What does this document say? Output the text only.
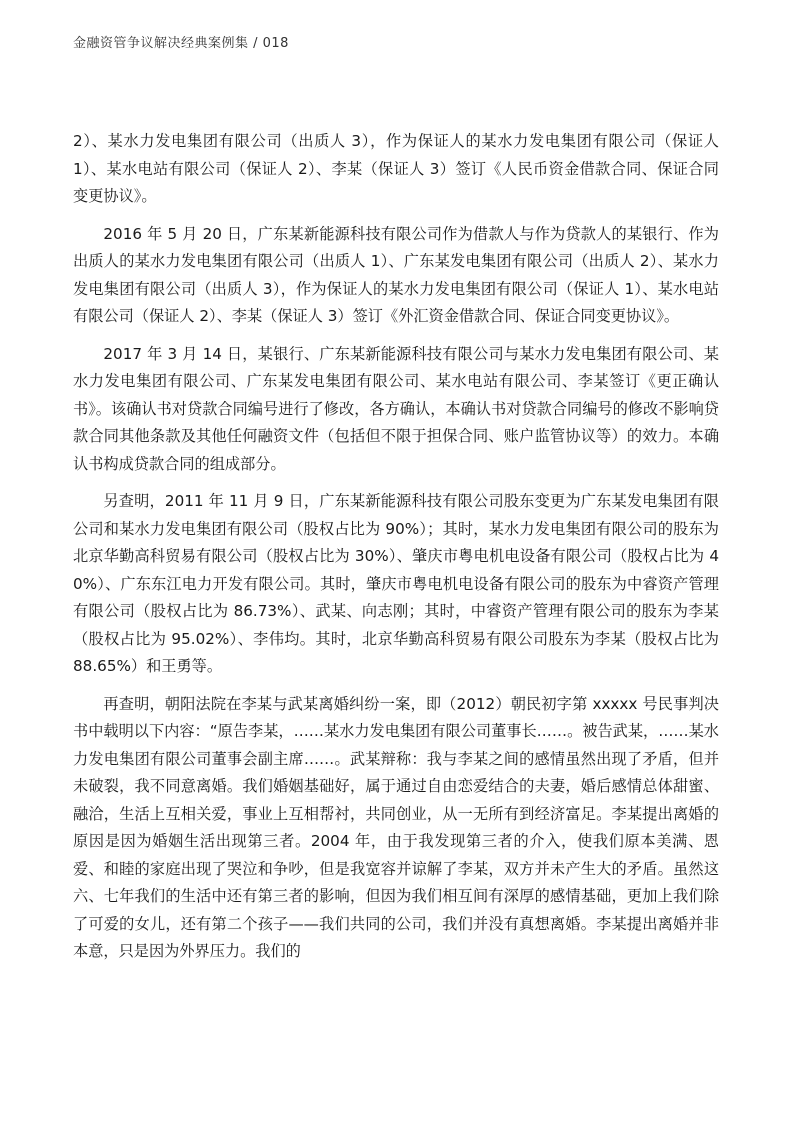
金融资管争议解决经典案例集 / 018

2）、某水力发电集团有限公司（出质人 3），作为保证人的某水力发电集团有限公司（保证人 1）、某水电站有限公司（保证人 2）、李某（保证人 3）签订《人民币资金借款合同、保证合同变更协议》。

2016 年 5 月 20 日，广东某新能源科技有限公司作为借款人与作为贷款人的某银行、作为出质人的某水力发电集团有限公司（出质人 1）、广东某发电集团有限公司（出质人 2）、某水力发电集团有限公司（出质人 3），作为保证人的某水力发电集团有限公司（保证人 1）、某水电站有限公司（保证人 2）、李某（保证人 3）签订《外汇资金借款合同、保证合同变更协议》。

2017 年 3 月 14 日，某银行、广东某新能源科技有限公司与某水力发电集团有限公司、某水力发电集团有限公司、广东某发电集团有限公司、某水电站有限公司、李某签订《更正确认书》。该确认书对贷款合同编号进行了修改，各方确认，本确认书对贷款合同编号的修改不影响贷款合同其他条款及其他任何融资文件（包括但不限于担保合同、账户监管协议等）的效力。本确认书构成贷款合同的组成部分。

另查明，2011 年 11 月 9 日，广东某新能源科技有限公司股东变更为广东某发电集团有限公司和某水力发电集团有限公司（股权占比为 90%）；其时，某水力发电集团有限公司的股东为北京华勤高科贸易有限公司（股权占比为 30%）、肇庆市粤电机电设备有限公司（股权占比为 40%）、广东东江电力开发有限公司。其时，肇庆市粤电机电设备有限公司的股东为中睿资产管理有限公司（股权占比为 86.73%）、武某、向志刚；其时，中睿资产管理有限公司的股东为李某（股权占比为 95.02%）、李伟均。其时，北京华勤高科贸易有限公司股东为李某（股权占比为 88.65%）和王勇等。

再查明，朝阳法院在李某与武某离婚纠纷一案，即（2012）朝民初字第 xxxxx 号民事判决书中载明以下内容：“原告李某，……某水力发电集团有限公司董事长……。被告武某，……某水力发电集团有限公司董事会副主席……。武某辩称：我与李某之间的感情虽然出现了矛盾，但并未破裂，我不同意离婚。我们婚姻基础好，属于通过自由恋爱结合的夫妻，婚后感情总体甜蜜、融洽，生活上互相关爱，事业上互相帮衬，共同创业，从一无所有到经济富足。李某提出离婚的原因是因为婚姻生活出现第三者。2004 年，由于我发现第三者的介入，使我们原本美满、恩爱、和睦的家庭出现了哭泣和争吵，但是我宽容并谅解了李某，双方并未产生大的矛盾。虽然这六、七年我们的生活中还有第三者的影响，但因为我们相互间有深厚的感情基础，更加上我们除了可爱的女儿，还有第二个孩子——我们共同的公司，我们并没有真想离婚。李某提出离婚并非本意，只是因为外界压力。我们的
